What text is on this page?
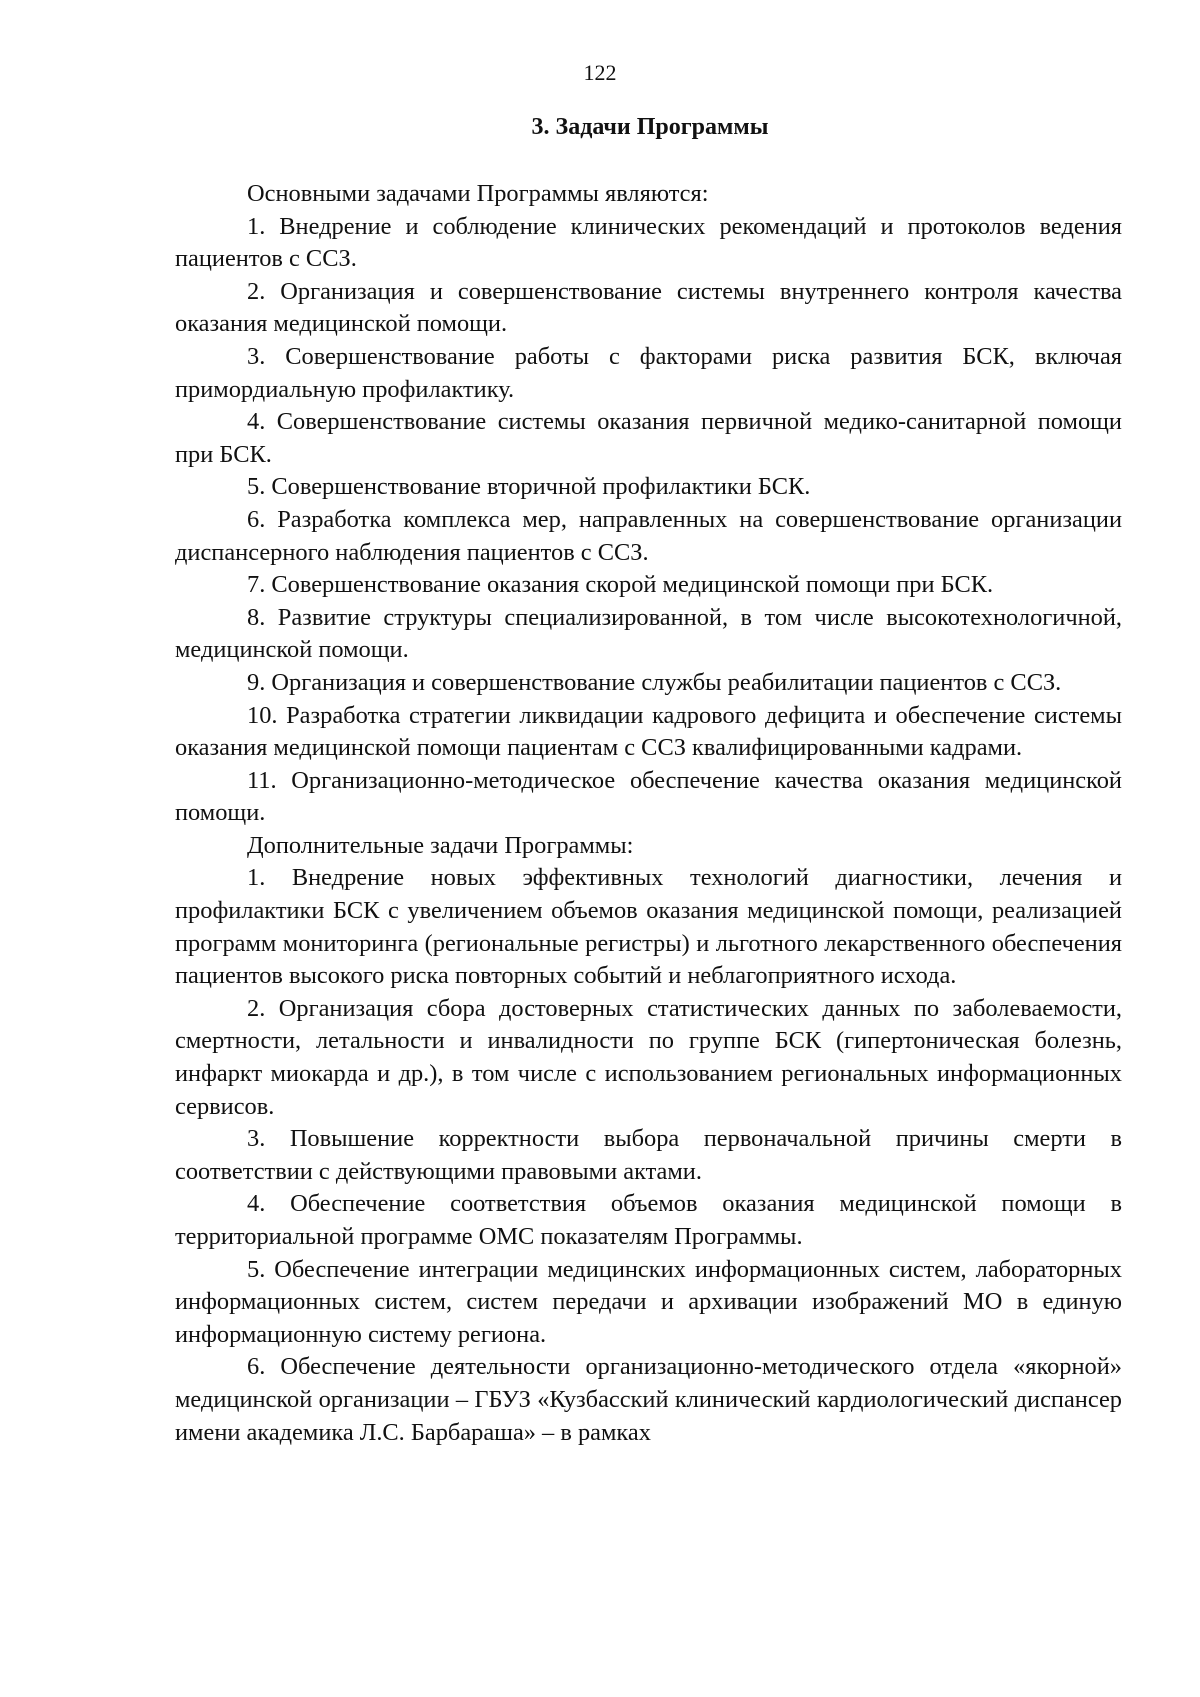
122
3. Задачи Программы

Основными задачами Программы являются:

1. Внедрение и соблюдение клинических рекомендаций и протоколов ведения пациентов с ССЗ.

2. Организация и совершенствование системы внутреннего контроля качества оказания медицинской помощи.

3. Совершенствование работы с факторами риска развития БСК, включая примордиальную профилактику.

4. Совершенствование системы оказания первичной медико-санитарной помощи при БСК.

5. Совершенствование вторичной профилактики БСК.

6. Разработка комплекса мер, направленных на совершенствование организации диспансерного наблюдения пациентов с ССЗ.

7. Совершенствование оказания скорой медицинской помощи при БСК.

8. Развитие структуры специализированной, в том числе высокотехнологичной, медицинской помощи.

9. Организация и совершенствование службы реабилитации пациентов с ССЗ.

10. Разработка стратегии ликвидации кадрового дефицита и обеспечение системы оказания медицинской помощи пациентам с ССЗ квалифицированными кадрами.

11. Организационно-методическое обеспечение качества оказания медицинской помощи.

Дополнительные задачи Программы:

1. Внедрение новых эффективных технологий диагностики, лечения и профилактики БСК с увеличением объемов оказания медицинской помощи, реализацией программ мониторинга (региональные регистры) и льготного лекарственного обеспечения пациентов высокого риска повторных событий и неблагоприятного исхода.

2. Организация сбора достоверных статистических данных по заболеваемости, смертности, летальности и инвалидности по группе БСК (гипертоническая болезнь, инфаркт миокарда и др.), в том числе с использованием региональных информационных сервисов.

3. Повышение корректности выбора первоначальной причины смерти в соответствии с действующими правовыми актами.

4. Обеспечение соответствия объемов оказания медицинской помощи в территориальной программе ОМС показателям Программы.

5. Обеспечение интеграции медицинских информационных систем, лабораторных информационных систем, систем передачи и архивации изображений МО в единую информационную систему региона.

6. Обеспечение деятельности организационно-методического отдела «якорной» медицинской организации – ГБУЗ «Кузбасский клинический кардиологический диспансер имени академика Л.С. Барбараша» – в рамках
